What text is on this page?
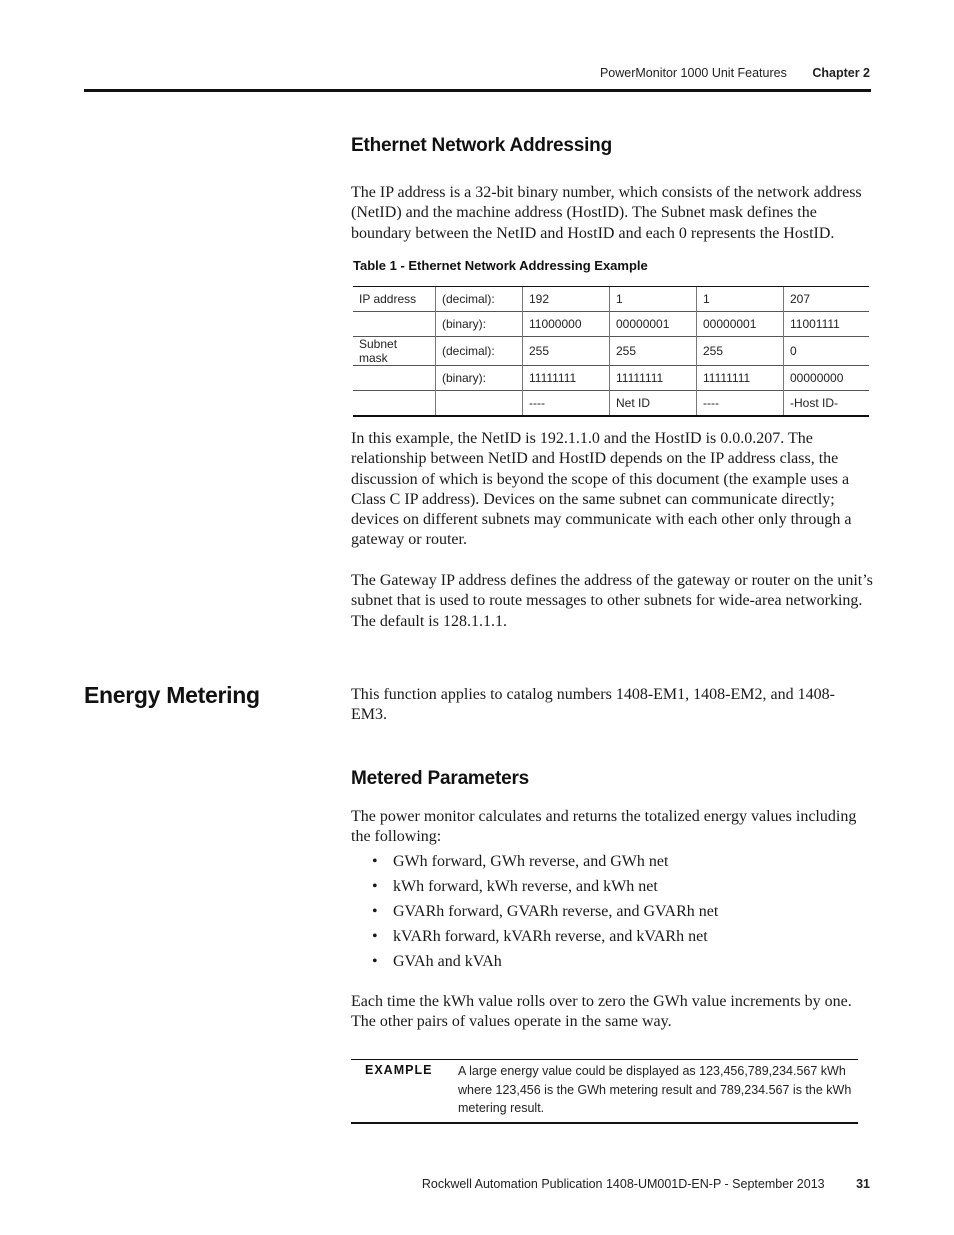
PowerMonitor 1000 Unit Features Chapter 2
Ethernet Network Addressing
The IP address is a 32-bit binary number, which consists of the network address (NetID) and the machine address (HostID). The Subnet mask defines the boundary between the NetID and HostID and each 0 represents the HostID.
Table 1 - Ethernet Network Addressing Example
IP address	(decimal):	192	1	1	207
	(binary):	11000000	00000001	00000001	11001111
Subnet mask	(decimal):	255	255	255	0
	(binary):	11111111	11111111	11111111	00000000
		----	Net ID	----	-Host ID-
In this example, the NetID is 192.1.1.0 and the HostID is 0.0.0.207. The relationship between NetID and HostID depends on the IP address class, the discussion of which is beyond the scope of this document (the example uses a Class C IP address). Devices on the same subnet can communicate directly; devices on different subnets may communicate with each other only through a gateway or router.
The Gateway IP address defines the address of the gateway or router on the unit’s subnet that is used to route messages to other subnets for wide-area networking. The default is 128.1.1.1.
Energy Metering	This function applies to catalog numbers 1408-EM1, 1408-EM2, and 1408-EM3.
Metered Parameters
The power monitor calculates and returns the totalized energy values including the following:
• GWh forward, GWh reverse, and GWh net
• kWh forward, kWh reverse, and kWh net
• GVARh forward, GVARh reverse, and GVARh net
• kVARh forward, kVARh reverse, and kVARh net
• GVAh and kVAh
Each time the kWh value rolls over to zero the GWh value increments by one. The other pairs of values operate in the same way.
EXAMPLE A large energy value could be displayed as 123,456,789,234.567 kWh where 123,456 is the GWh metering result and 789,234.567 is the kWh metering result.
Rockwell Automation Publication 1408-UM001D-EN-P - September 2013	31
